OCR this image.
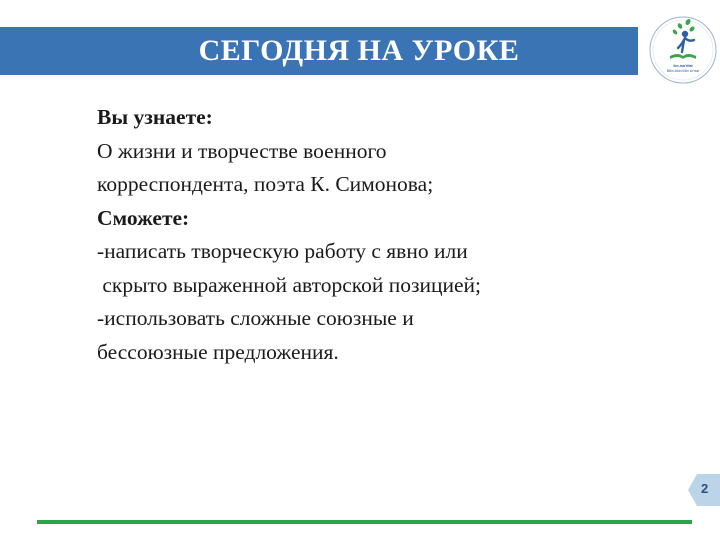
СЕГОДНЯ НА УРОКЕ	Ilm-ma'rifat
Bilim-bilan bilim ko'rsat
Вы узнаете:
О жизни и творчестве военного
корреспондента, поэта К. Симонова;
Сможете:
-написать творческую работу с явно или
скрыто выраженной авторской позицией;
-использовать сложные союзные и
бессоюзные предложения.
2
